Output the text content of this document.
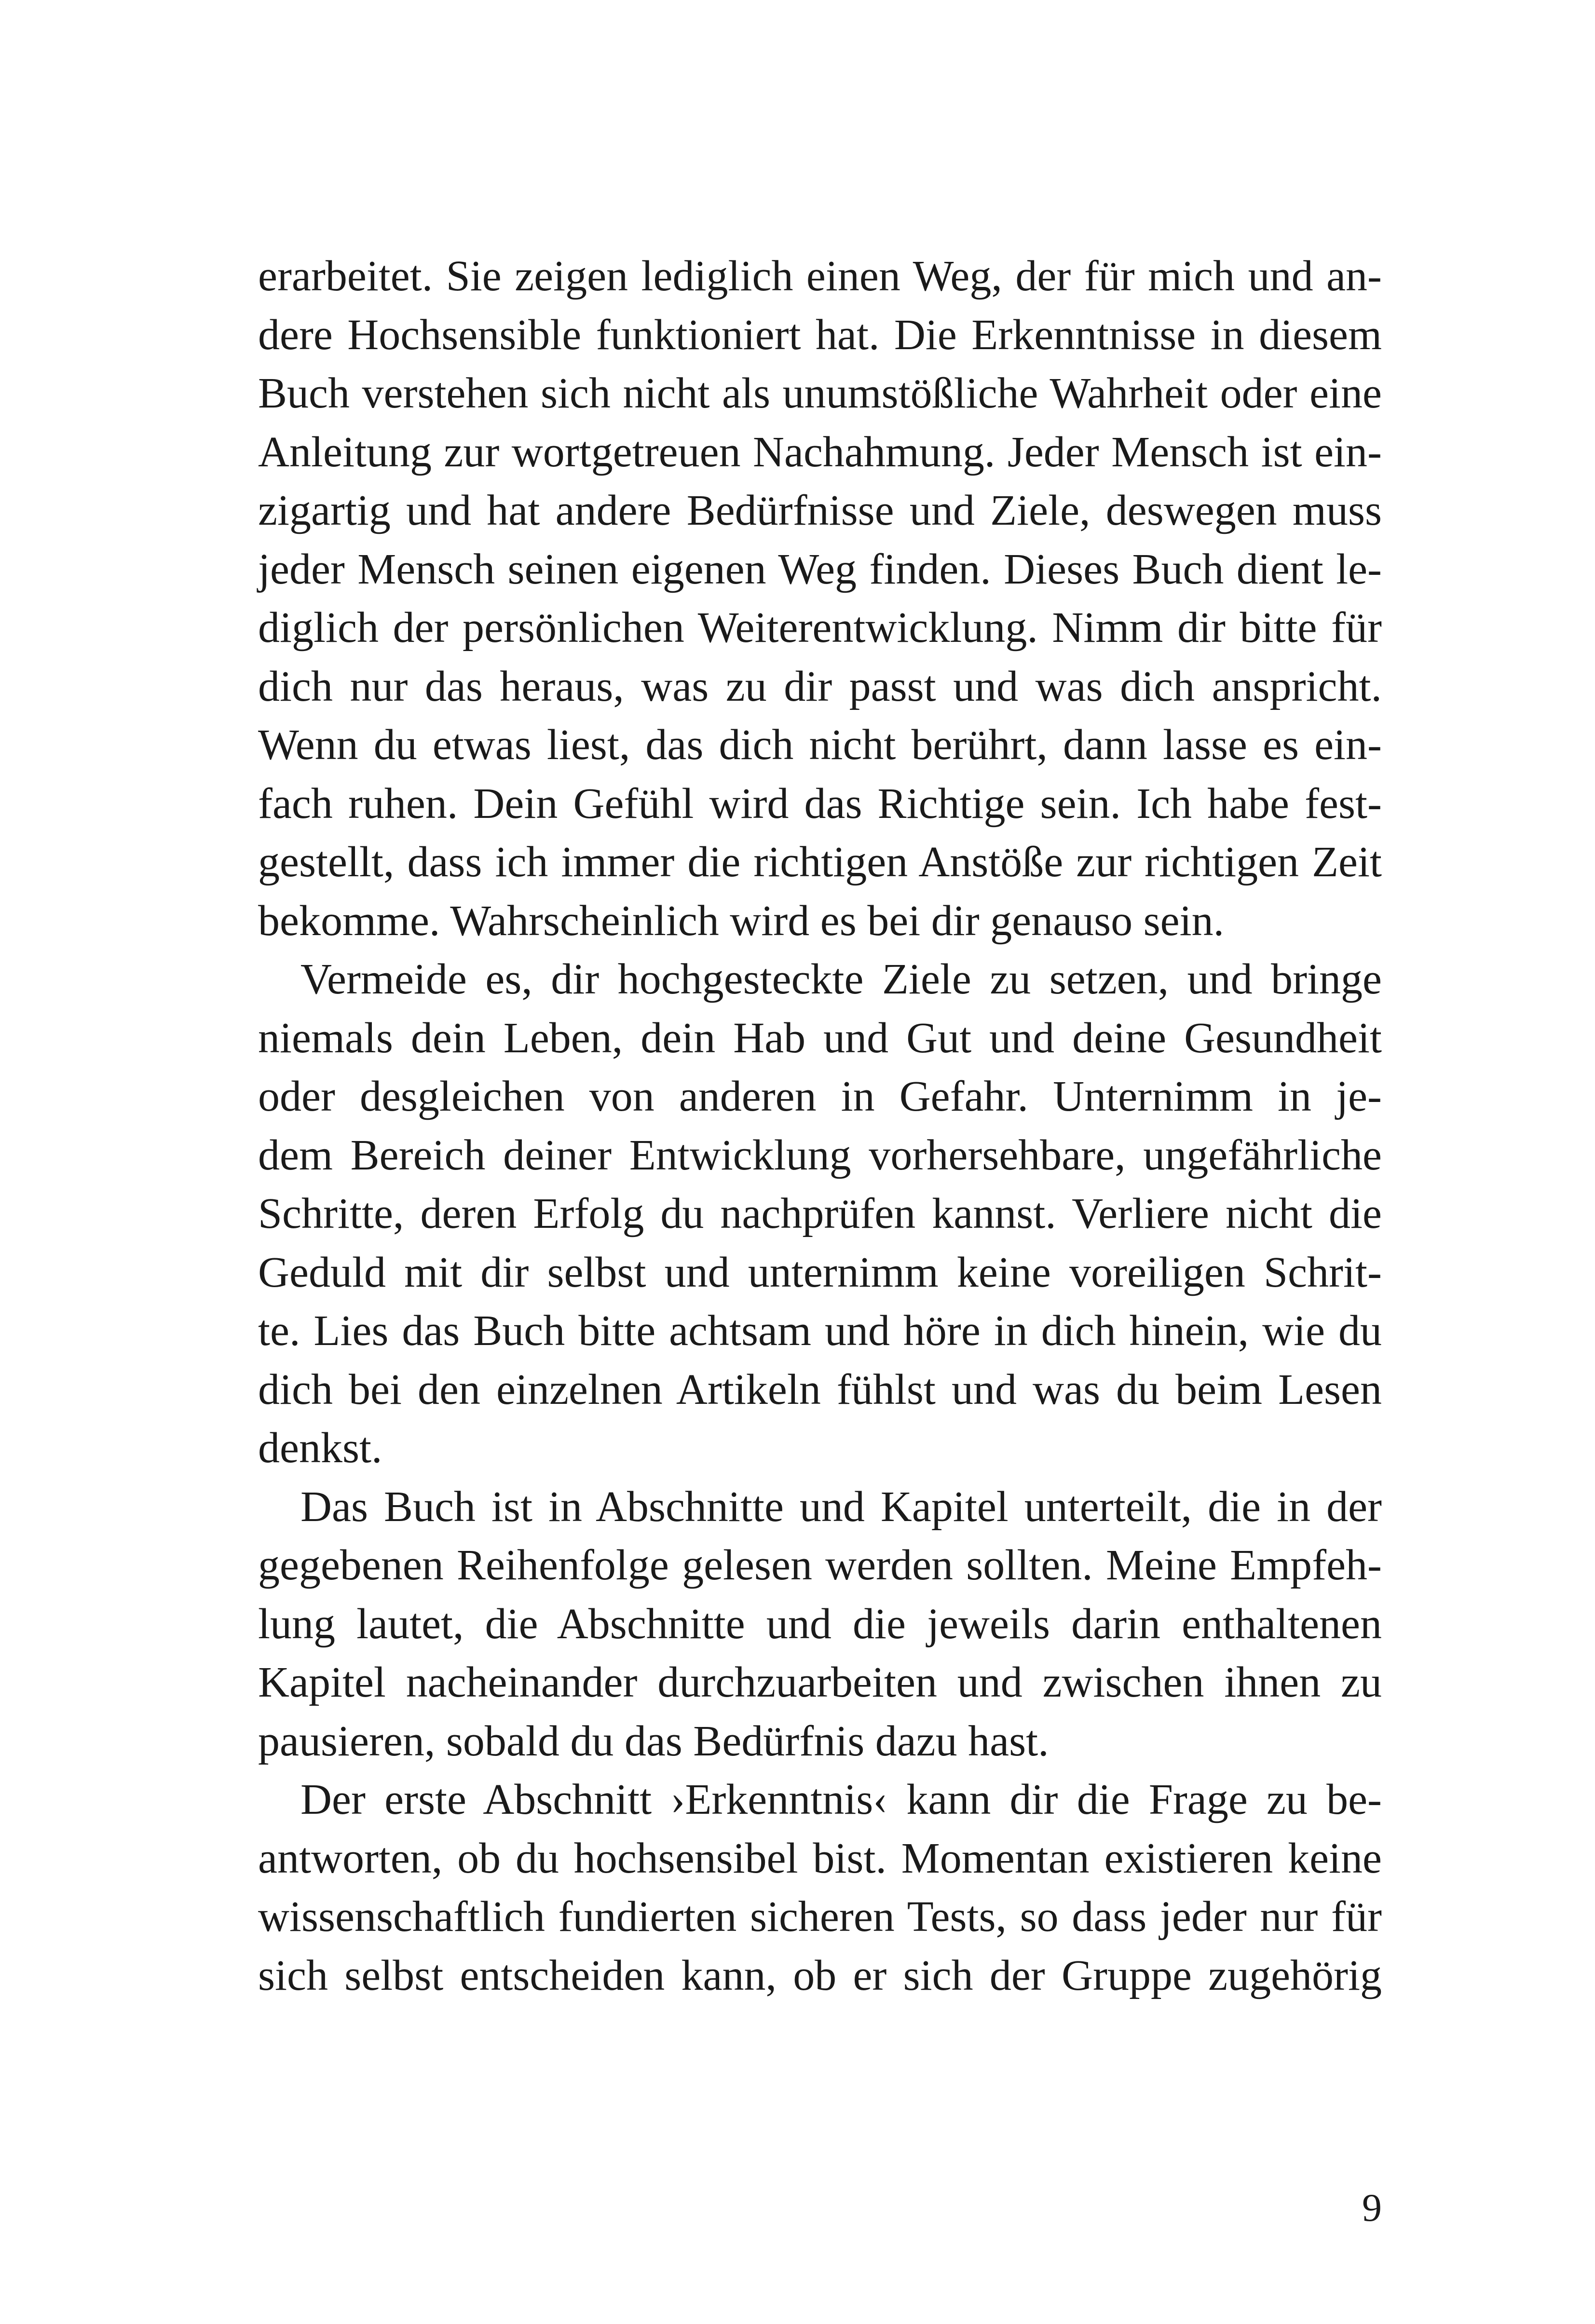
erarbeitet. Sie zeigen lediglich einen Weg, der für mich und an-
dere Hochsensible funktioniert hat. Die Erkenntnisse in diesem
Buch verstehen sich nicht als unumstößliche Wahrheit oder eine
Anleitung zur wortgetreuen Nachahmung. Jeder Mensch ist ein-
zigartig und hat andere Bedürfnisse und Ziele, deswegen muss
jeder Mensch seinen eigenen Weg finden. Dieses Buch dient le-
diglich der persönlichen Weiterentwicklung. Nimm dir bitte für
dich nur das heraus, was zu dir passt und was dich anspricht.
Wenn du etwas liest, das dich nicht berührt, dann lasse es ein-
fach ruhen. Dein Gefühl wird das Richtige sein. Ich habe fest-
gestellt, dass ich immer die richtigen Anstöße zur richtigen Zeit
bekomme. Wahrscheinlich wird es bei dir genauso sein.
Vermeide es, dir hochgesteckte Ziele zu setzen, und bringe
niemals dein Leben, dein Hab und Gut und deine Gesundheit
oder desgleichen von anderen in Gefahr. Unternimm in je-
dem Bereich deiner Entwicklung vorhersehbare, ungefährliche
Schritte, deren Erfolg du nachprüfen kannst. Verliere nicht die
Geduld mit dir selbst und unternimm keine voreiligen Schrit-
te. Lies das Buch bitte achtsam und höre in dich hinein, wie du
dich bei den einzelnen Artikeln fühlst und was du beim Lesen
denkst.
Das Buch ist in Abschnitte und Kapitel unterteilt, die in der
gegebenen Reihenfolge gelesen werden sollten. Meine Empfeh-
lung lautet, die Abschnitte und die jeweils darin enthaltenen
Kapitel nacheinander durchzuarbeiten und zwischen ihnen zu
pausieren, sobald du das Bedürfnis dazu hast.
Der erste Abschnitt ›Erkenntnis‹ kann dir die Frage zu be-
antworten, ob du hochsensibel bist. Momentan existieren keine
wissenschaftlich fundierten sicheren Tests, so dass jeder nur für
sich selbst entscheiden kann, ob er sich der Gruppe zugehörig
9
